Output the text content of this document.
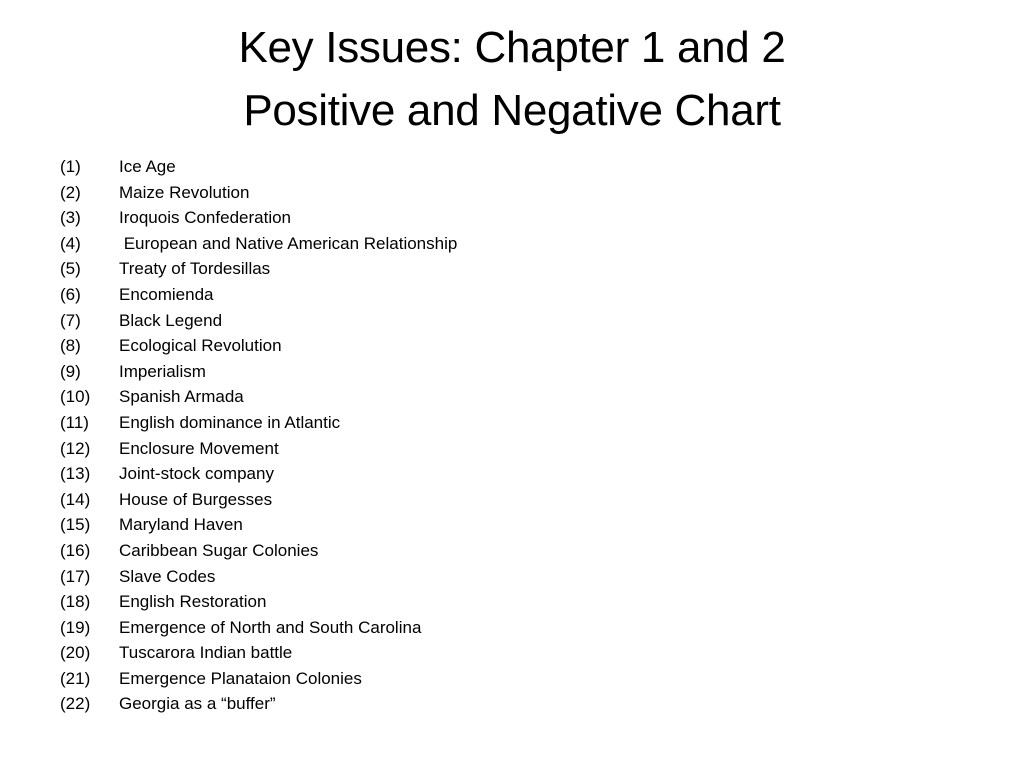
Key Issues: Chapter 1 and 2
Positive and Negative Chart
(1)	Ice Age
(2)	Maize Revolution
(3)	Iroquois Confederation
(4)	European and Native American Relationship
(5)	Treaty of Tordesillas
(6)	Encomienda
(7)	Black Legend
(8)	Ecological Revolution
(9)	Imperialism
(10)	Spanish Armada
(11)	English dominance in Atlantic
(12)	Enclosure Movement
(13)	Joint-stock company
(14)	House of Burgesses
(15)	Maryland Haven
(16)	Caribbean Sugar Colonies
(17)	Slave Codes
(18)	English Restoration
(19)	Emergence of North and South Carolina
(20)	Tuscarora Indian battle
(21)	Emergence Planataion Colonies
(22)	Georgia as a “buffer”
